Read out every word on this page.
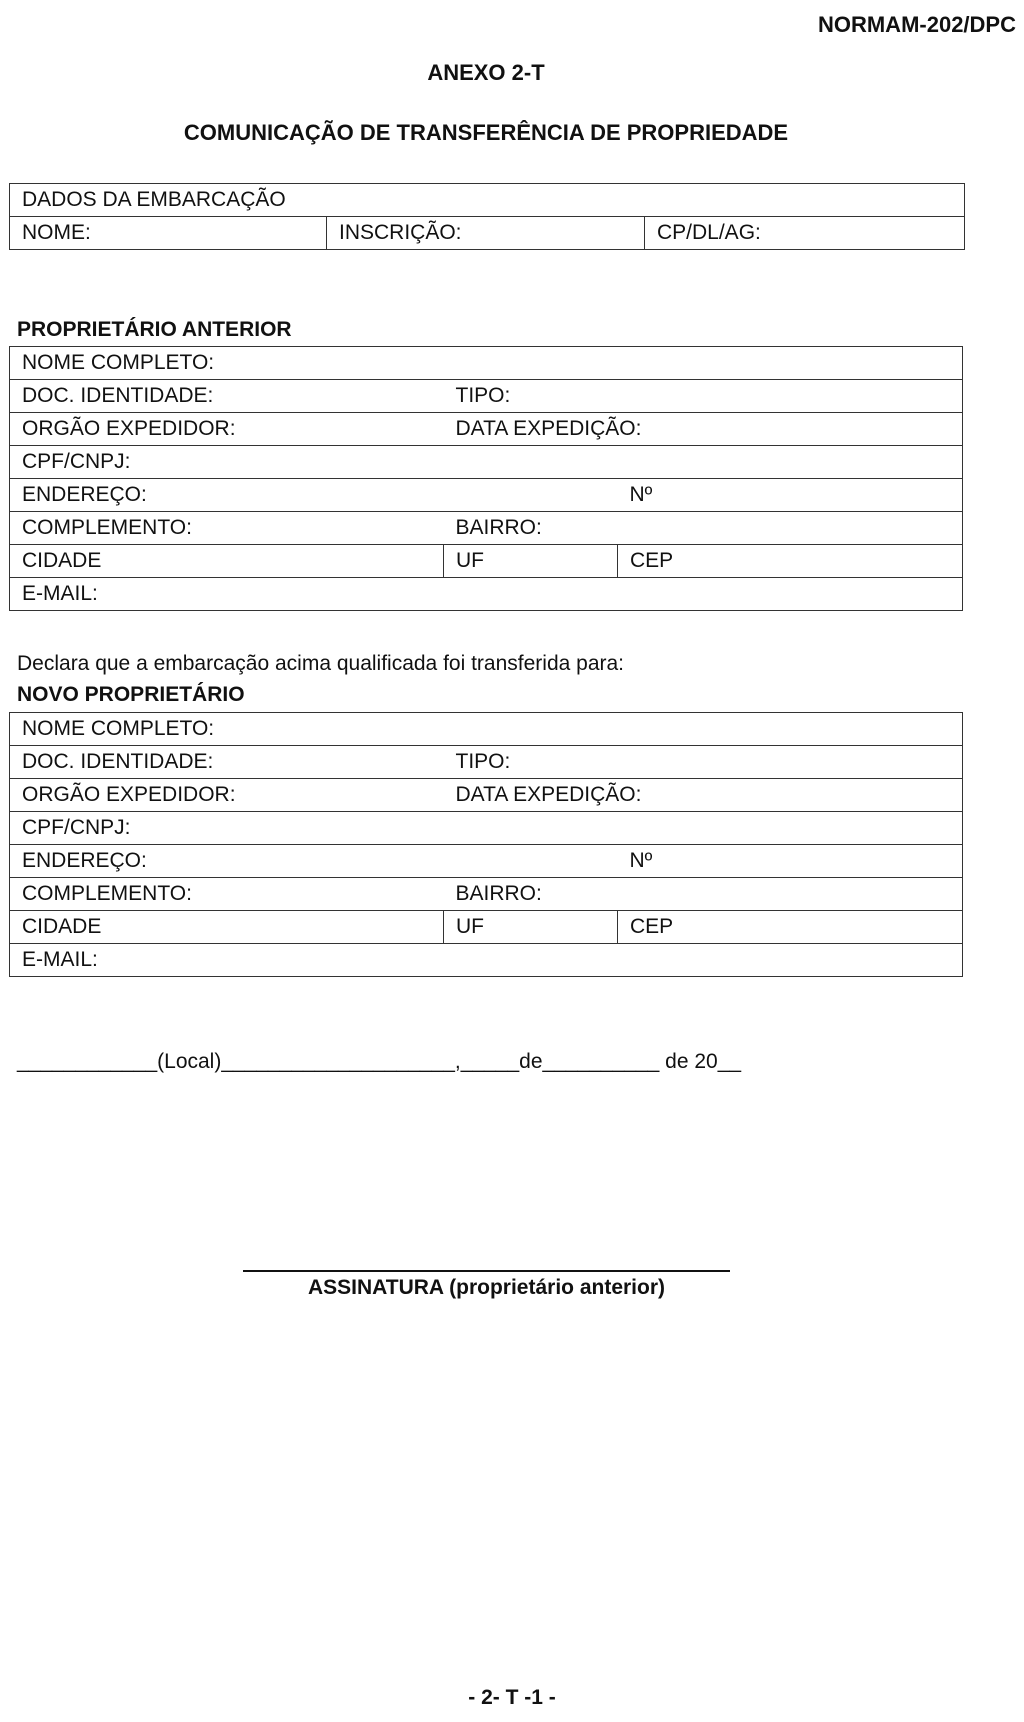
NORMAM-202/DPC
ANEXO 2-T
COMUNICAÇÃO DE TRANSFERÊNCIA DE PROPRIEDADE
DADOS DA EMBARCAÇÃO
NOME:	INSCRIÇÃO:	CP/DL/AG:
PROPRIETÁRIO ANTERIOR
NOME COMPLETO:		
DOC. IDENTIDADE:	TIPO:	
ORGÃO EXPEDIDOR:	DATA EXPEDIÇÃO:	
CPF/CNPJ:		
ENDEREÇO:		Nº
COMPLEMENTO:	BAIRRO:	
CIDADE	UF	CEP
E-MAIL:		
Declara que a embarcação acima qualificada foi transferida para:
NOVO PROPRIETÁRIO
NOME COMPLETO:		
DOC. IDENTIDADE:	TIPO:	
ORGÃO EXPEDIDOR:	DATA EXPEDIÇÃO:	
CPF/CNPJ:		
ENDEREÇO:		Nº
COMPLEMENTO:	BAIRRO:	
CIDADE	UF	CEP
E-MAIL:		
____________(Local)____________________,_____de__________ de 20__
ASSINATURA (proprietário anterior)
- 2- T -1 -
